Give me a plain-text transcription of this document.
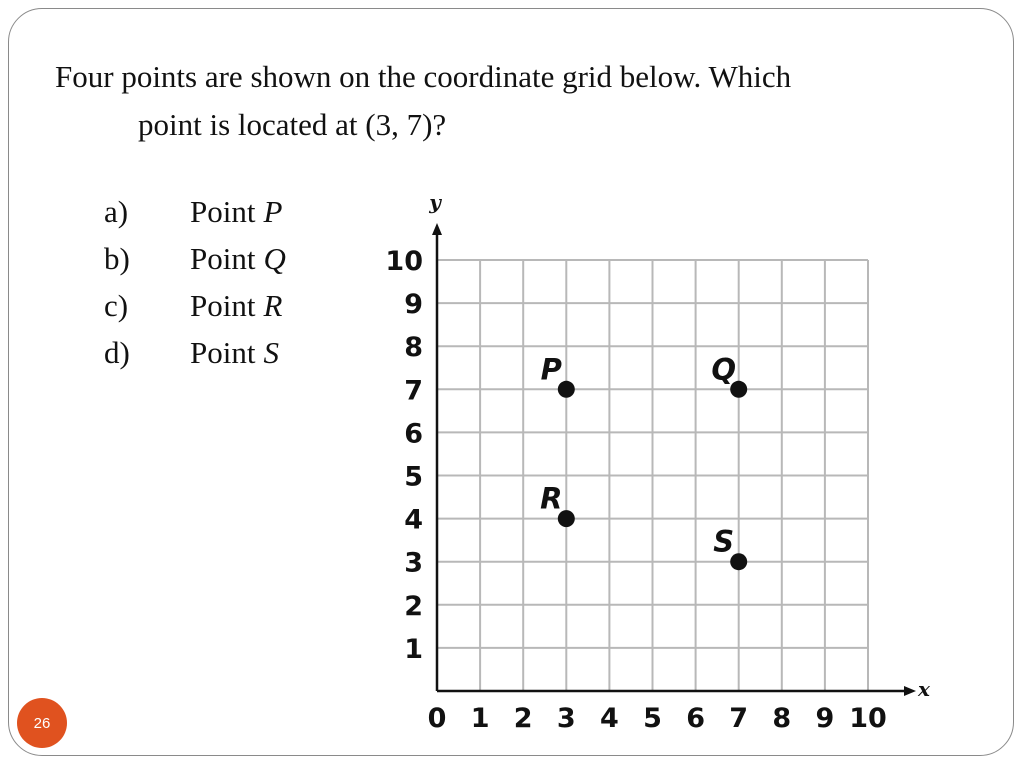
Four points are shown on the coordinate grid below. Which
point is located at (3, 7)?
a)	Point P
b)	Point Q
c)	Point R
d)	Point S
x
y
0 1 2 3 4 5 6 7 8 9 10
1
2
3
4
5
6
7
8
9
10
P	Q
R
S
26
